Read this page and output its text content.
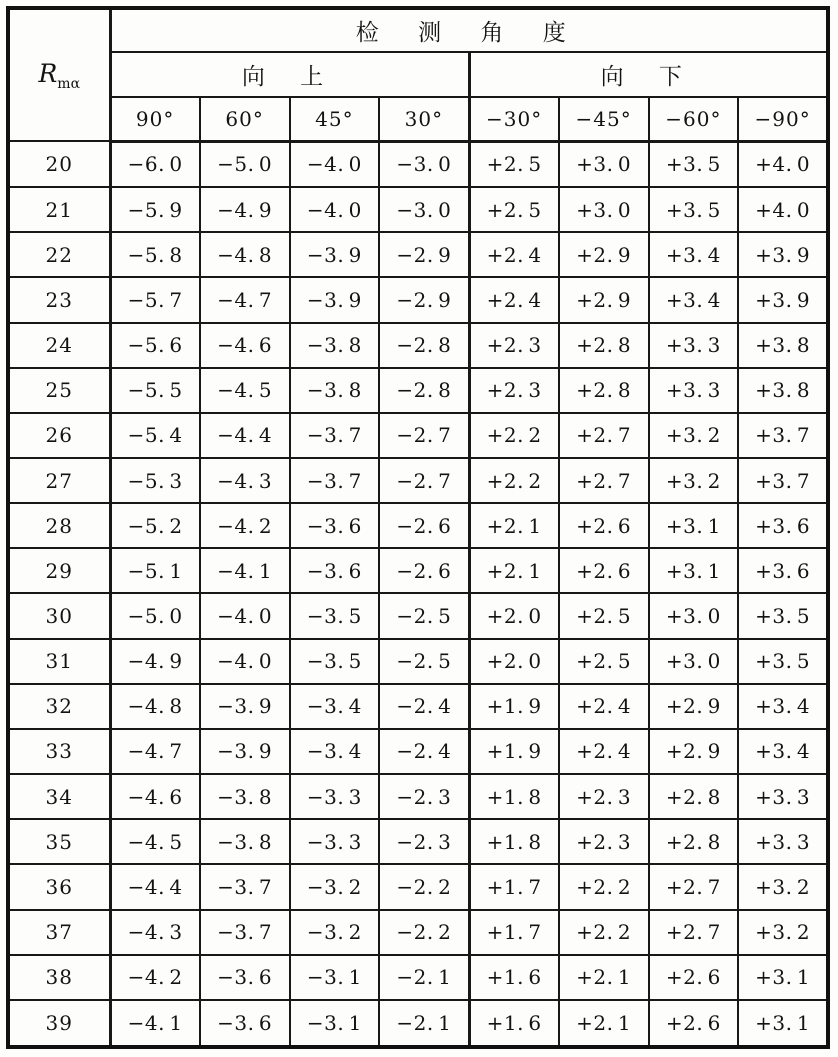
$R_{m\alpha}$	检 测 角 度							
	向 上				向 下			
	90°	60°	45°	30°	−30°	−45°	−60°	−90°
20	−6. 0	−5. 0	−4. 0	−3. 0	+2. 5	+3. 0	+3. 5	+4. 0
21	−5. 9	−4. 9	−4. 0	−3. 0	+2. 5	+3. 0	+3. 5	+4. 0
22	−5. 8	−4. 8	−3. 9	−2. 9	+2. 4	+2. 9	+3. 4	+3. 9
23	−5. 7	−4. 7	−3. 9	−2. 9	+2. 4	+2. 9	+3. 4	+3. 9
24	−5. 6	−4. 6	−3. 8	−2. 8	+2. 3	+2. 8	+3. 3	+3. 8
25	−5. 5	−4. 5	−3. 8	−2. 8	+2. 3	+2. 8	+3. 3	+3. 8
26	−5. 4	−4. 4	−3. 7	−2. 7	+2. 2	+2. 7	+3. 2	+3. 7
27	−5. 3	−4. 3	−3. 7	−2. 7	+2. 2	+2. 7	+3. 2	+3. 7
28	−5. 2	−4. 2	−3. 6	−2. 6	+2. 1	+2. 6	+3. 1	+3. 6
29	−5. 1	−4. 1	−3. 6	−2. 6	+2. 1	+2. 6	+3. 1	+3. 6
30	−5. 0	−4. 0	−3. 5	−2. 5	+2. 0	+2. 5	+3. 0	+3. 5
31	−4. 9	−4. 0	−3. 5	−2. 5	+2. 0	+2. 5	+3. 0	+3. 5
32	−4. 8	−3. 9	−3. 4	−2. 4	+1. 9	+2. 4	+2. 9	+3. 4
33	−4. 7	−3. 9	−3. 4	−2. 4	+1. 9	+2. 4	+2. 9	+3. 4
34	−4. 6	−3. 8	−3. 3	−2. 3	+1. 8	+2. 3	+2. 8	+3. 3
35	−4. 5	−3. 8	−3. 3	−2. 3	+1. 8	+2. 3	+2. 8	+3. 3
36	−4. 4	−3. 7	−3. 2	−2. 2	+1. 7	+2. 2	+2. 7	+3. 2
37	−4. 3	−3. 7	−3. 2	−2. 2	+1. 7	+2. 2	+2. 7	+3. 2
38	−4. 2	−3. 6	−3. 1	−2. 1	+1. 6	+2. 1	+2. 6	+3. 1
39	−4. 1	−3. 6	−3. 1	−2. 1	+1. 6	+2. 1	+2. 6	+3. 1
